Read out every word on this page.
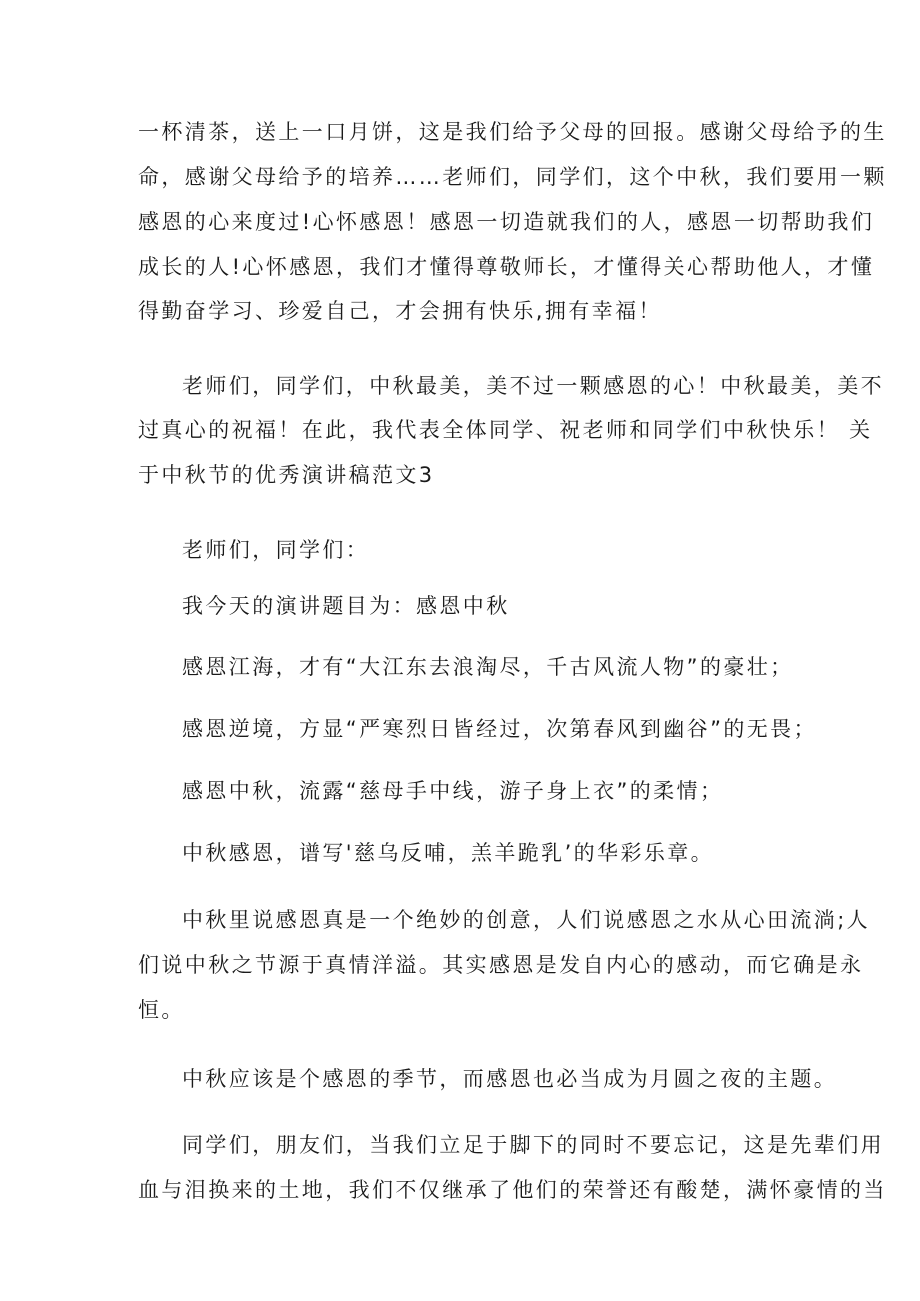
一杯清茶，送上一口月饼，这是我们给予父母的回报。感谢父母给予的生
命，感谢父母给予的培养……老师们，同学们，这个中秋，我们要用一颗
感恩的心来度过!心怀感恩！感恩一切造就我们的人，感恩一切帮助我们
成长的人!心怀感恩，我们才懂得尊敬师长，才懂得关心帮助他人，才懂
得勤奋学习、珍爱自己，才会拥有快乐,拥有幸福！
老师们，同学们，中秋最美，美不过一颗感恩的心！中秋最美，美不
过真心的祝福！在此，我代表全体同学、祝老师和同学们中秋快乐！ 关
于中秋节的优秀演讲稿范文3
老师们，同学们：
我今天的演讲题目为：感恩中秋
感恩江海，才有“大江东去浪淘尽，千古风流人物”的豪壮；
感恩逆境，方显“严寒烈日皆经过，次第春风到幽谷”的无畏；
感恩中秋，流露“慈母手中线，游子身上衣”的柔情；
中秋感恩，谱写'慈乌反哺，羔羊跪乳’的华彩乐章。
中秋里说感恩真是一个绝妙的创意，人们说感恩之水从心田流淌;人
们说中秋之节源于真情洋溢。其实感恩是发自内心的感动，而它确是永
恒。
中秋应该是个感恩的季节，而感恩也必当成为月圆之夜的主题。
同学们，朋友们，当我们立足于脚下的同时不要忘记，这是先辈们用
血与泪换来的土地，我们不仅继承了他们的荣誉还有酸楚，满怀豪情的当
